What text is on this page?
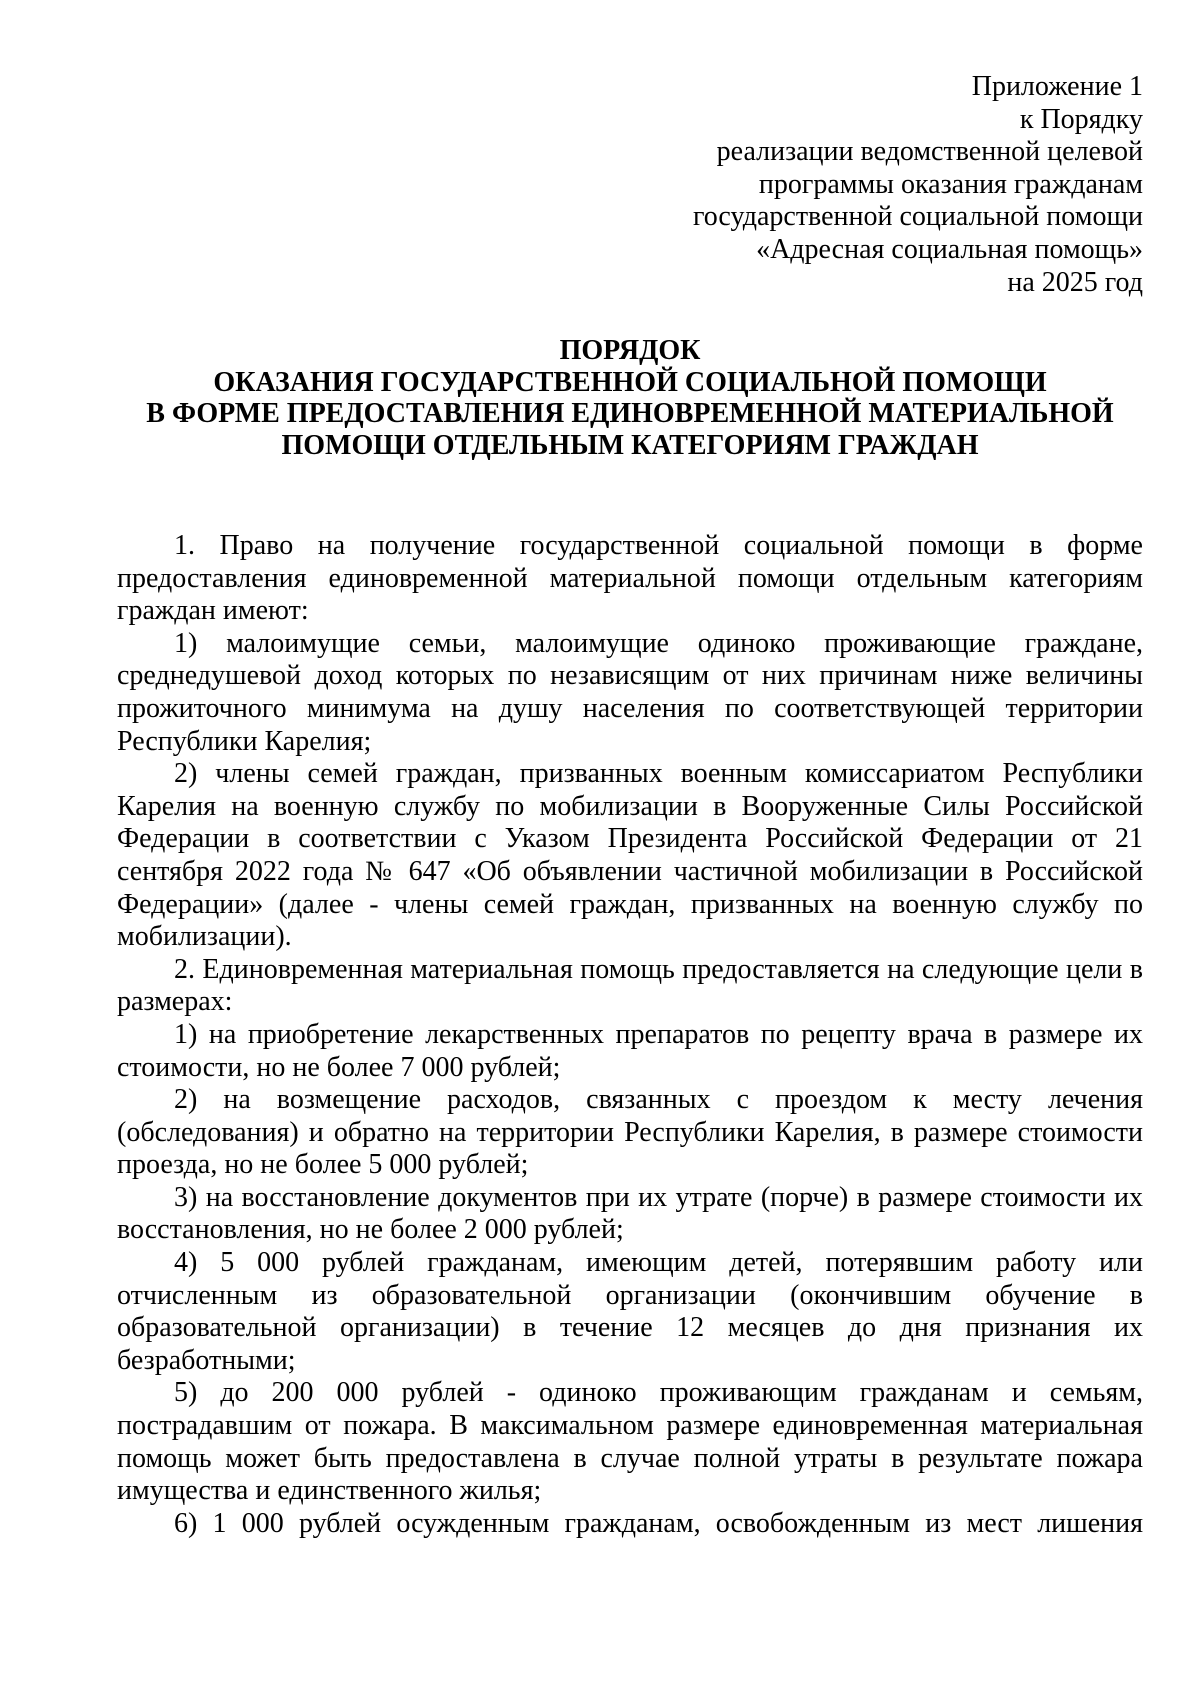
Приложение 1
к Порядку
реализации ведомственной целевой
программы оказания гражданам
государственной социальной помощи
«Адресная социальная помощь»
на 2025 год
ПОРЯДОК
ОКАЗАНИЯ ГОСУДАРСТВЕННОЙ СОЦИАЛЬНОЙ ПОМОЩИ
В ФОРМЕ ПРЕДОСТАВЛЕНИЯ ЕДИНОВРЕМЕННОЙ МАТЕРИАЛЬНОЙ
ПОМОЩИ ОТДЕЛЬНЫМ КАТЕГОРИЯМ ГРАЖДАН

1. Право на получение государственной социальной помощи в форме предоставления единовременной материальной помощи отдельным категориям граждан имеют:

1) малоимущие семьи, малоимущие одиноко проживающие граждане, среднедушевой доход которых по независящим от них причинам ниже величины прожиточного минимума на душу населения по соответствующей территории Республики Карелия;

2) члены семей граждан, призванных военным комиссариатом Республики Карелия на военную службу по мобилизации в Вооруженные Силы Российской Федерации в соответствии с Указом Президента Российской Федерации от 21 сентября 2022 года № 647 «Об объявлении частичной мобилизации в Российской Федерации» (далее - члены семей граждан, призванных на военную службу по мобилизации).

2. Единовременная материальная помощь предоставляется на следующие цели в размерах:

1) на приобретение лекарственных препаратов по рецепту врача в размере их стоимости, но не более 7 000 рублей;

2) на возмещение расходов, связанных с проездом к месту лечения (обследования) и обратно на территории Республики Карелия, в размере стоимости проезда, но не более 5 000 рублей;

3) на восстановление документов при их утрате (порче) в размере стоимости их восстановления, но не более 2 000 рублей;

4) 5 000 рублей гражданам, имеющим детей, потерявшим работу или отчисленным из образовательной организации (окончившим обучение в образовательной организации) в течение 12 месяцев до дня признания их безработными;

5) до 200 000 рублей - одиноко проживающим гражданам и семьям, пострадавшим от пожара. В максимальном размере единовременная материальная помощь может быть предоставлена в случае полной утраты в результате пожара имущества и единственного жилья;

6) 1 000 рублей осужденным гражданам, освобожденным из мест лишения
